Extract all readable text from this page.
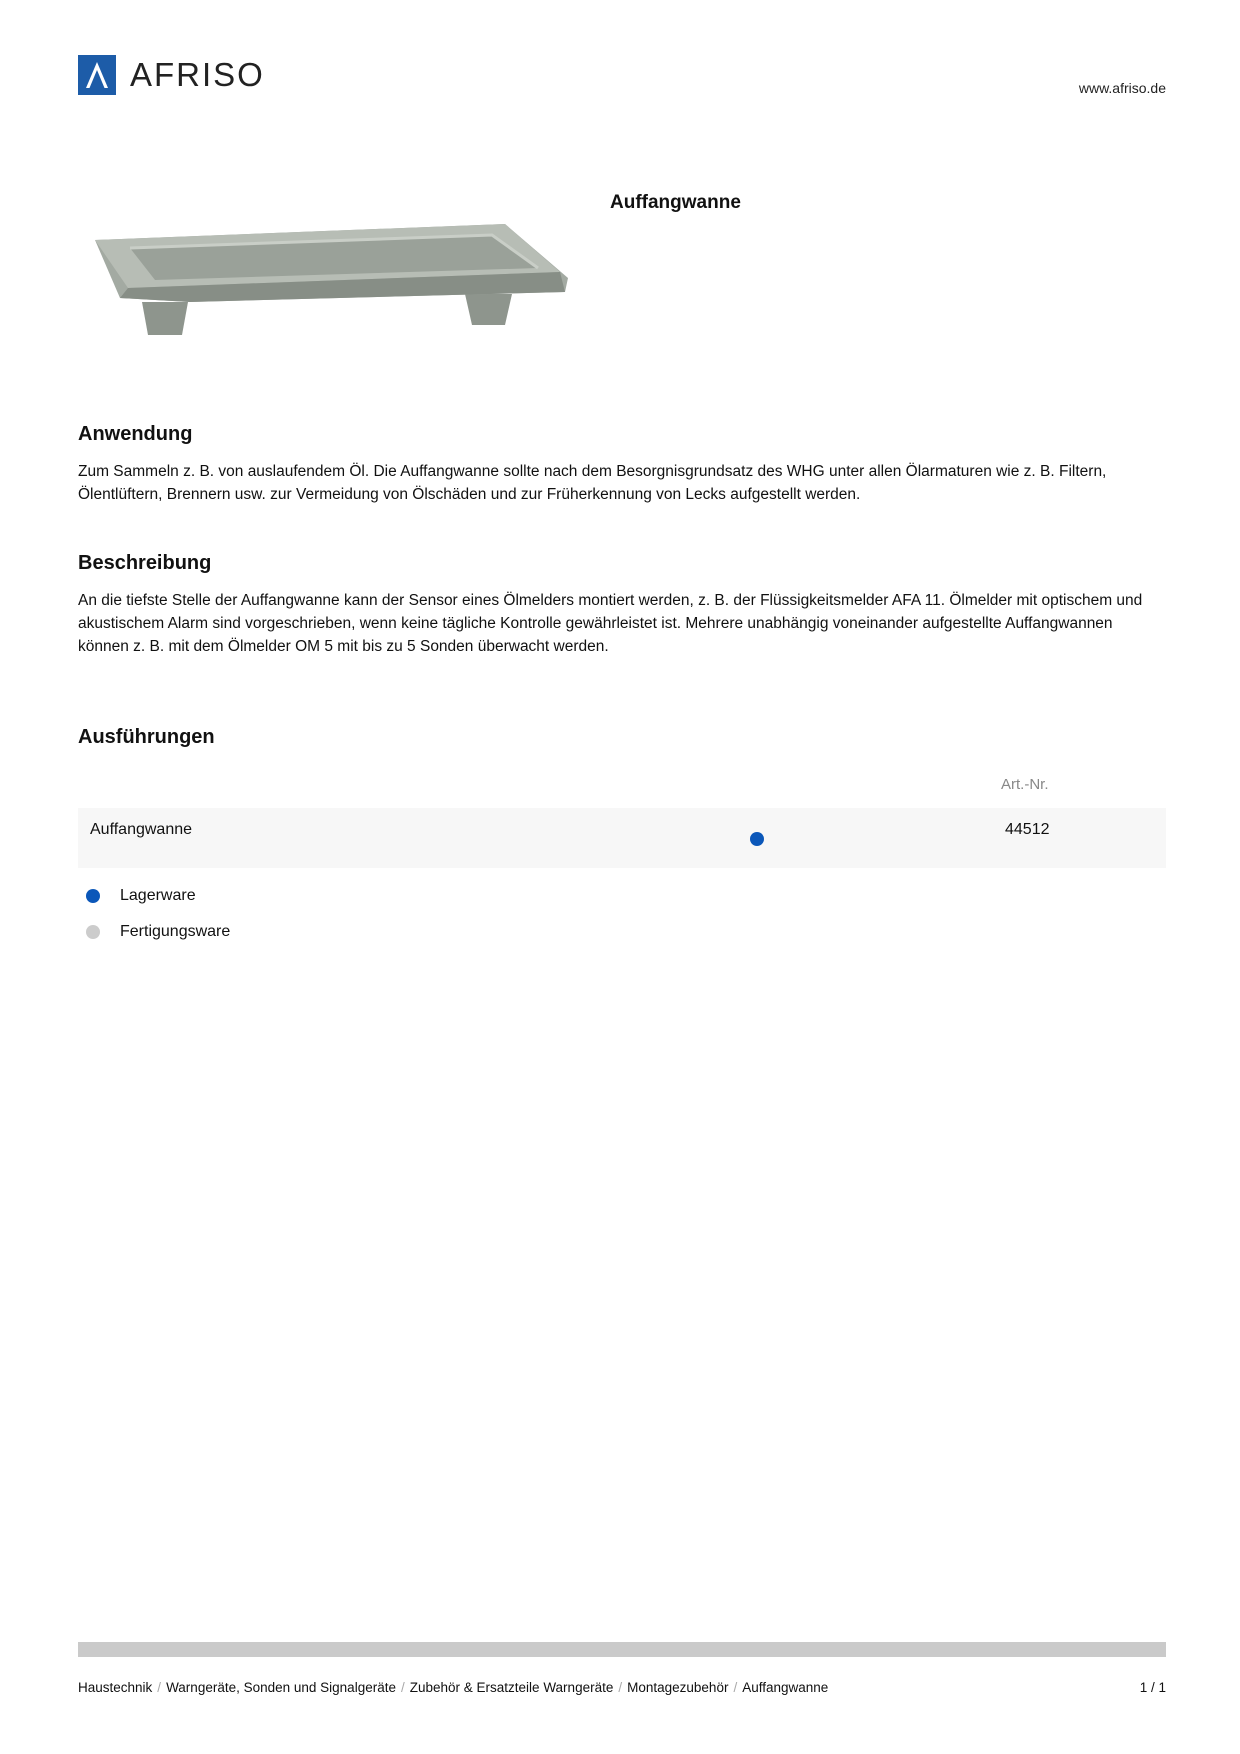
AFRISO	www.afriso.de
Auffangwanne
Anwendung

Zum Sammeln z. B. von auslaufendem Öl. Die Auffangwanne sollte nach dem Besorgnisgrundsatz des WHG unter allen Ölarmaturen wie z. B. Filtern, Ölentlüftern, Brennern usw. zur Vermeidung von Ölschäden und zur Früherkennung von Lecks aufgestellt werden.

Beschreibung

An die tiefste Stelle der Auffangwanne kann der Sensor eines Ölmelders montiert werden, z. B. der Flüssigkeitsmelder AFA 11. Ölmelder mit optischem und akustischem Alarm sind vorgeschrieben, wenn keine tägliche Kontrolle gewährleistet ist. Mehrere unabhängig voneinander aufgestellte Auffangwannen können z. B. mit dem Ölmelder OM 5 mit bis zu 5 Sonden überwacht werden.

Ausführungen
Art.-Nr.
Auffangwanne	44512
Lagerware
Fertigungsware
Haustechnik / Warngeräte, Sonden und Signalgeräte / Zubehör & Ersatzteile Warngeräte / Montagezubehör / Auffangwanne	1 / 1
